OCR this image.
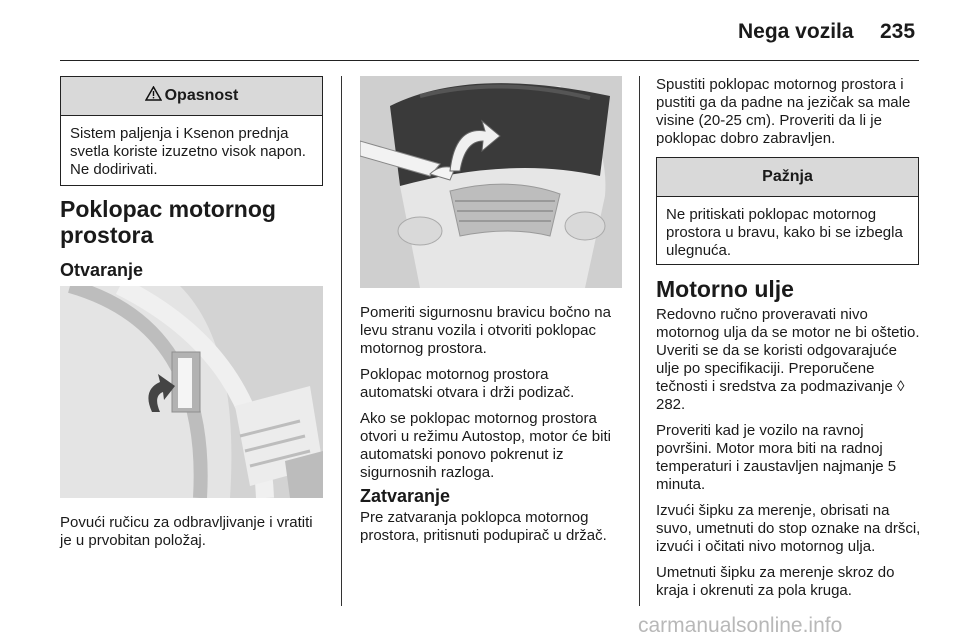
Nega vozila 235
Opasnost
Sistem paljenja i Ksenon prednja svetla koriste izuzetno visok napon. Ne dodirivati.
Poklopac motornog prostora
Otvaranje
Povući ručicu za odbravljivanje i vratiti je u prvobitan položaj.

Pomeriti sigurnosnu bravicu bočno na levu stranu vozila i otvoriti poklopac motornog prostora.

Poklopac motornog prostora automatski otvara i drži podizač.

Ako se poklopac motornog prostora otvori u režimu Autostop, motor će biti automatski ponovo pokrenut iz sigurnosnih razloga.

Zatvaranje
Pre zatvaranja poklopca motornog prostora, pritisnuti podupirač u držač.
Spustiti poklopac motornog prostora i pustiti ga da padne na jezičak sa male visine (20-25 cm). Proveriti da li je poklopac dobro zabravljen.
Pažnja
Ne pritiskati poklopac motornog prostora u bravu, kako bi se izbegla ulegnuća.
Motorno ulje

Redovno ručno proveravati nivo motornog ulja da se motor ne bi oštetio. Uveriti se da se koristi odgovarajuće ulje po specifikaciji. Preporučene tečnosti i sredstva za podmazivanje ◊ 282.

Proveriti kad je vozilo na ravnoj površini. Motor mora biti na radnoj temperaturi i zaustavljen najmanje 5 minuta.

Izvući šipku za merenje, obrisati na suvo, umetnuti do stop oznake na dršci, izvući i očitati nivo motornog ulja.

Umetnuti šipku za merenje skroz do kraja i okrenuti za pola kruga.

carmanualsonline.info
